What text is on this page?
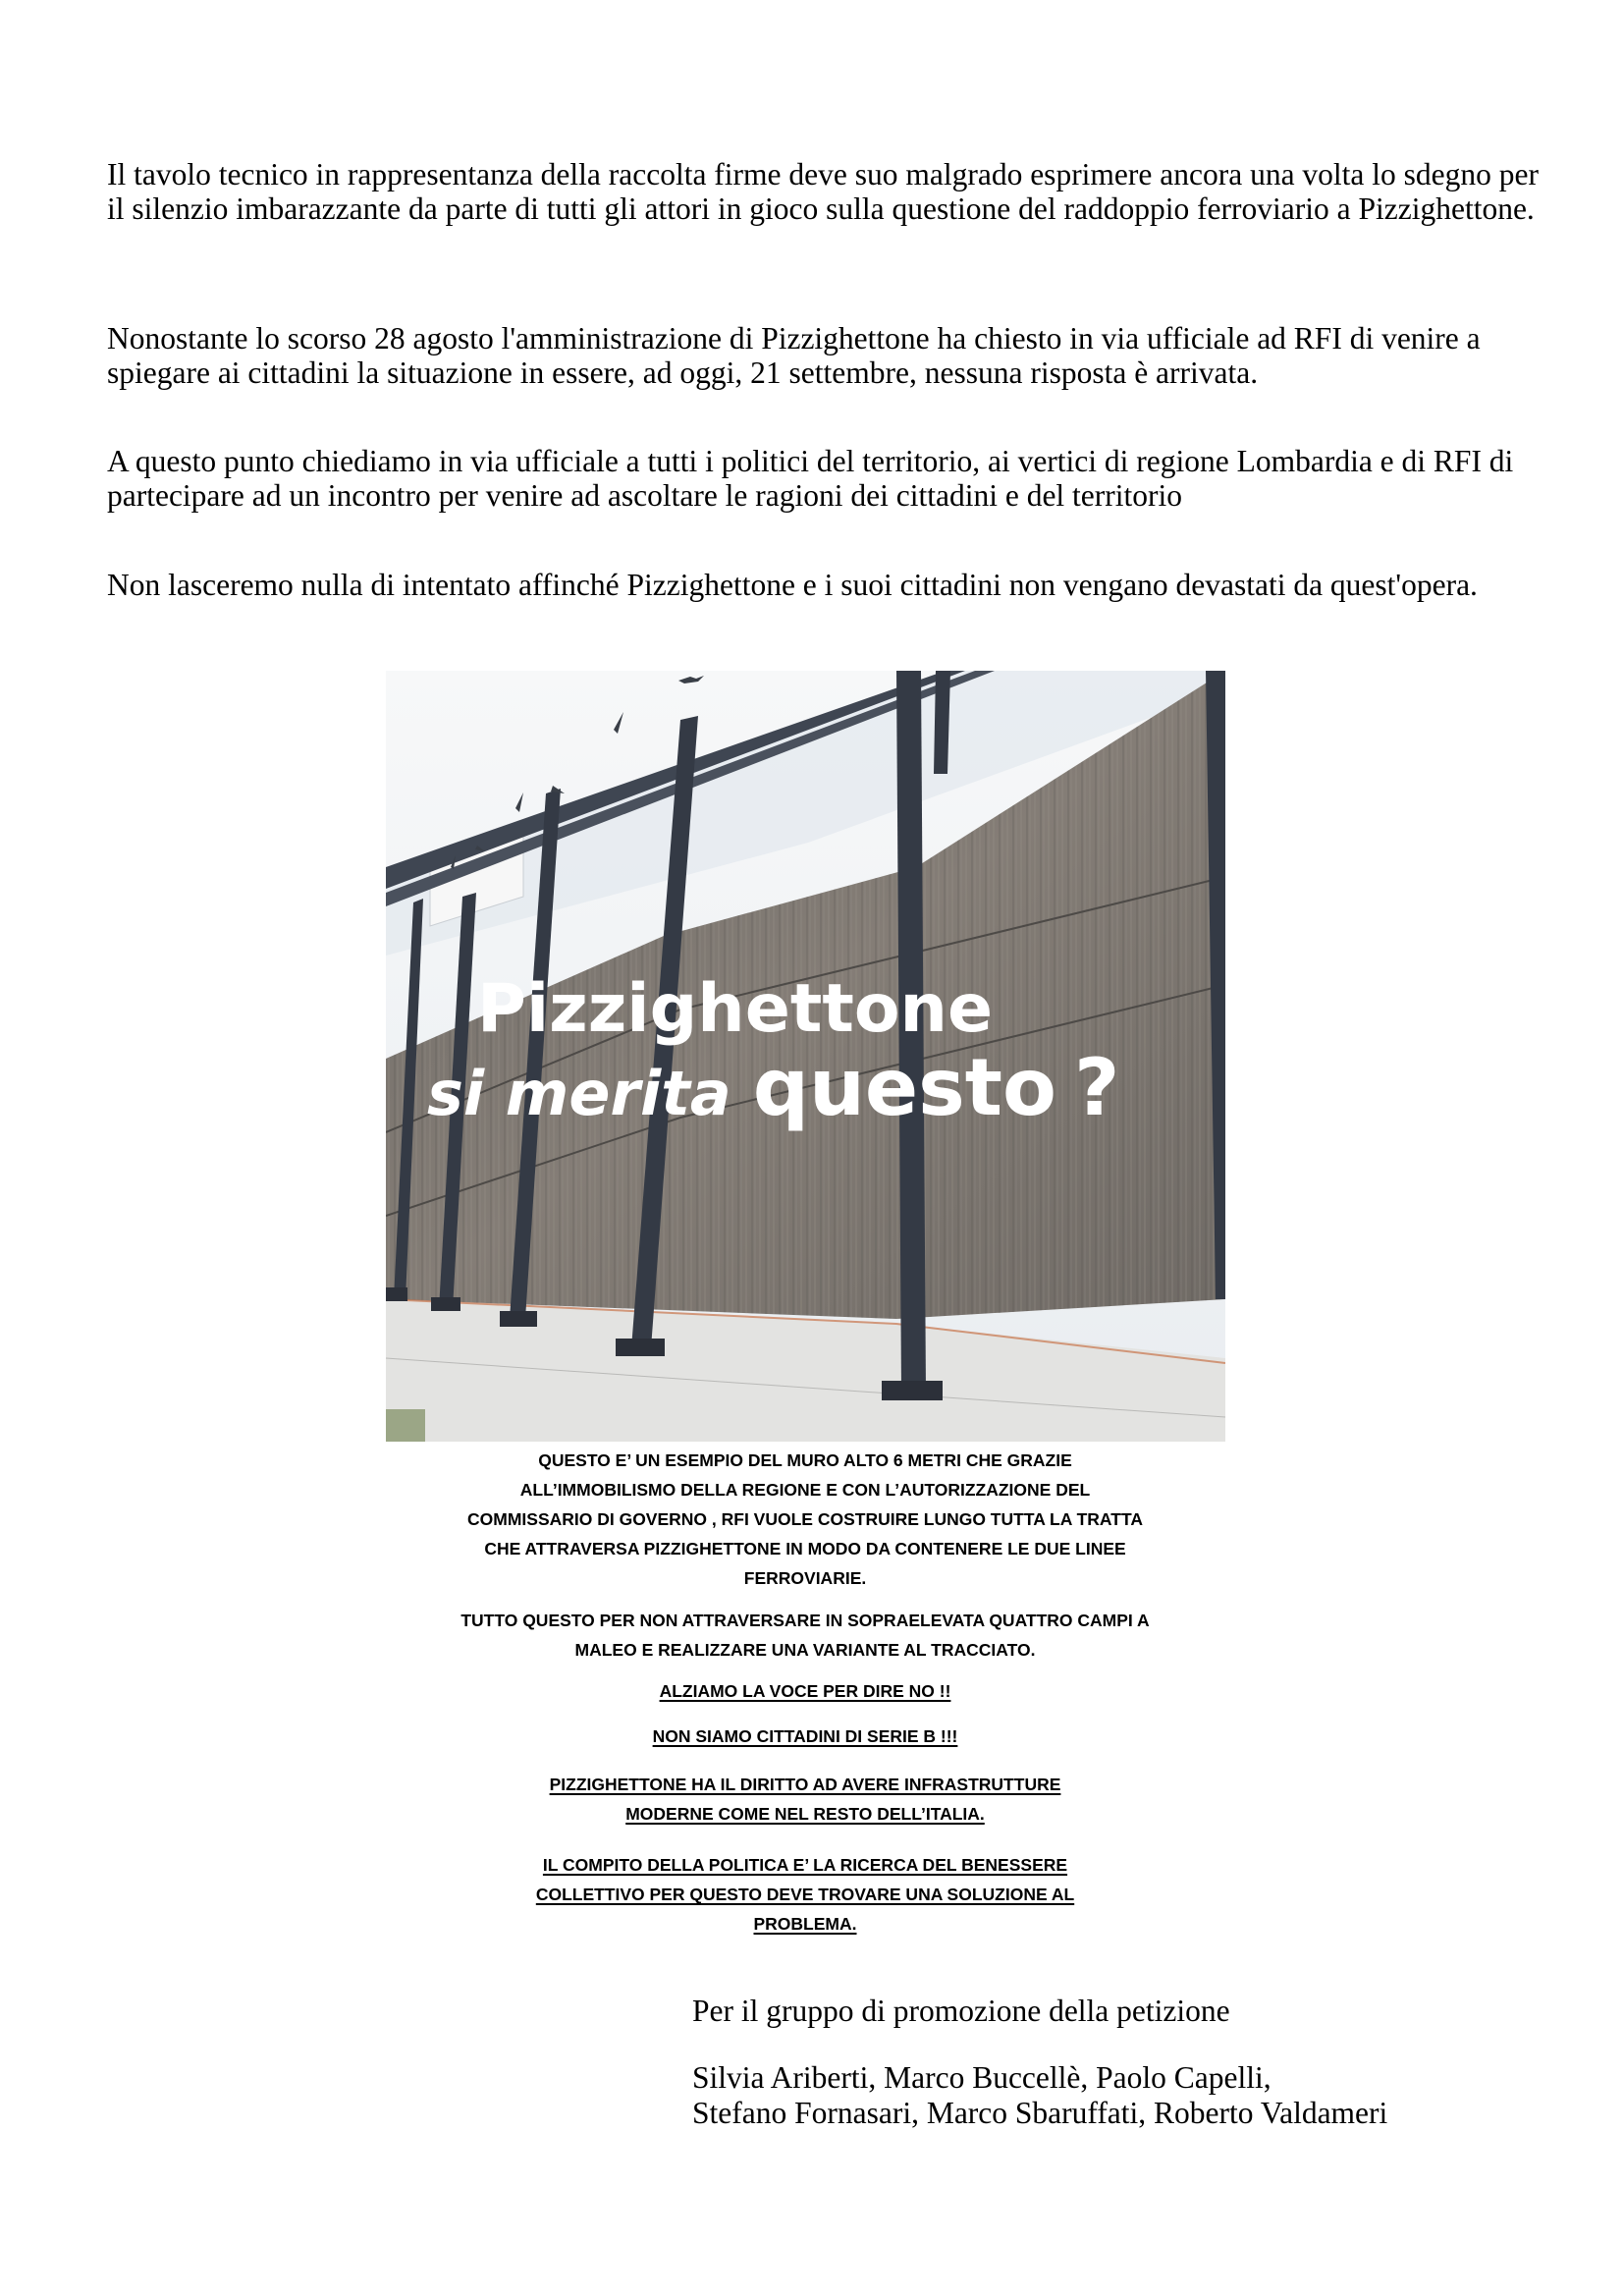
Il tavolo tecnico in rappresentanza della raccolta firme deve suo malgrado esprimere ancora una volta lo sdegno per il silenzio imbarazzante da parte di tutti gli attori in gioco sulla questione del raddoppio ferroviario a Pizzighettone.

Nonostante lo scorso 28 agosto l'amministrazione di Pizzighettone ha chiesto in via ufficiale ad RFI di venire a spiegare ai cittadini la situazione in essere, ad oggi, 21 settembre, nessuna risposta è arrivata.

A questo punto chiediamo in via ufficiale a tutti i politici del territorio, ai vertici di regione Lombardia e di RFI di partecipare ad un incontro per venire ad ascoltare le ragioni dei cittadini e del territorio

Non lasceremo nulla di intentato affinché Pizzighettone e i suoi cittadini non vengano devastati da quest'opera.

Pizzighettone
si merita questo ?

QUESTO E’ UN ESEMPIO DEL MURO ALTO 6 METRI CHE GRAZIE

ALL’IMMOBILISMO DELLA REGIONE E CON L’AUTORIZZAZIONE DEL

COMMISSARIO DI GOVERNO , RFI VUOLE COSTRUIRE LUNGO TUTTA LA TRATTA

CHE ATTRAVERSA PIZZIGHETTONE IN MODO DA CONTENERE LE DUE LINEE

FERROVIARIE.

TUTTO QUESTO PER NON ATTRAVERSARE IN SOPRAELEVATA QUATTRO CAMPI A

MALEO E REALIZZARE UNA VARIANTE AL TRACCIATO.

ALZIAMO LA VOCE PER DIRE NO !!

NON SIAMO CITTADINI DI SERIE B !!!

PIZZIGHETTONE HA IL DIRITTO AD AVERE INFRASTRUTTURE

MODERNE COME NEL RESTO DELL’ITALIA.

IL COMPITO DELLA POLITICA E’ LA RICERCA DEL BENESSERE

COLLETTIVO PER QUESTO DEVE TROVARE UNA SOLUZIONE AL

PROBLEMA.

Per il gruppo di promozione della petizione

Silvia Ariberti, Marco Buccellè, Paolo Capelli,

Stefano Fornasari, Marco Sbaruffati, Roberto Valdameri
